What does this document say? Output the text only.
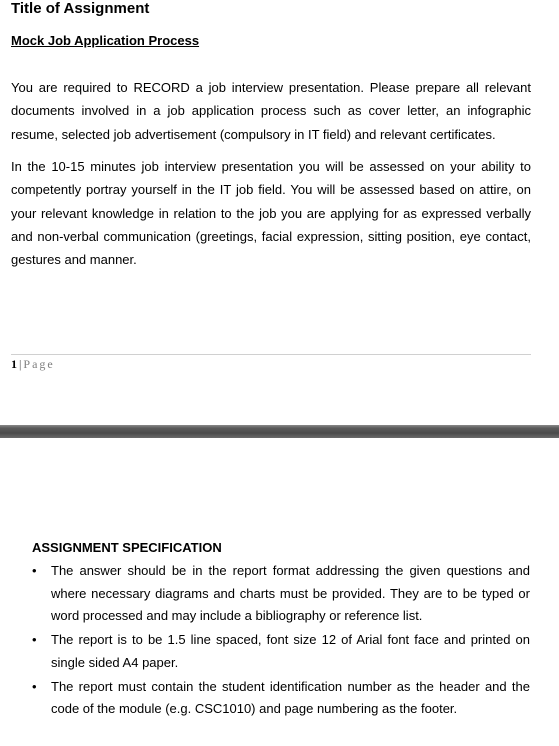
Title of Assignment
Mock Job Application Process

You are required to RECORD a job interview presentation. Please prepare all relevant documents involved in a job application process such as cover letter, an infographic resume, selected job advertisement (compulsory in IT field) and relevant certificates.

In the 10-15 minutes job interview presentation you will be assessed on your ability to competently portray yourself in the IT job field. You will be assessed based on attire, on your relevant knowledge in relation to the job you are applying for as expressed verbally and non-verbal communication (greetings, facial expression, sitting position, eye contact, gestures and manner.

1 | Page
ASSIGNMENT SPECIFICATION
• The answer should be in the report format addressing the given questions and where necessary diagrams and charts must be provided. They are to be typed or word processed and may include a bibliography or reference list.
• The report is to be 1.5 line spaced, font size 12 of Arial font face and printed on single sided A4 paper.
• The report must contain the student identification number as the header and the code of the module (e.g. CSC1010) and page numbering as the footer.
